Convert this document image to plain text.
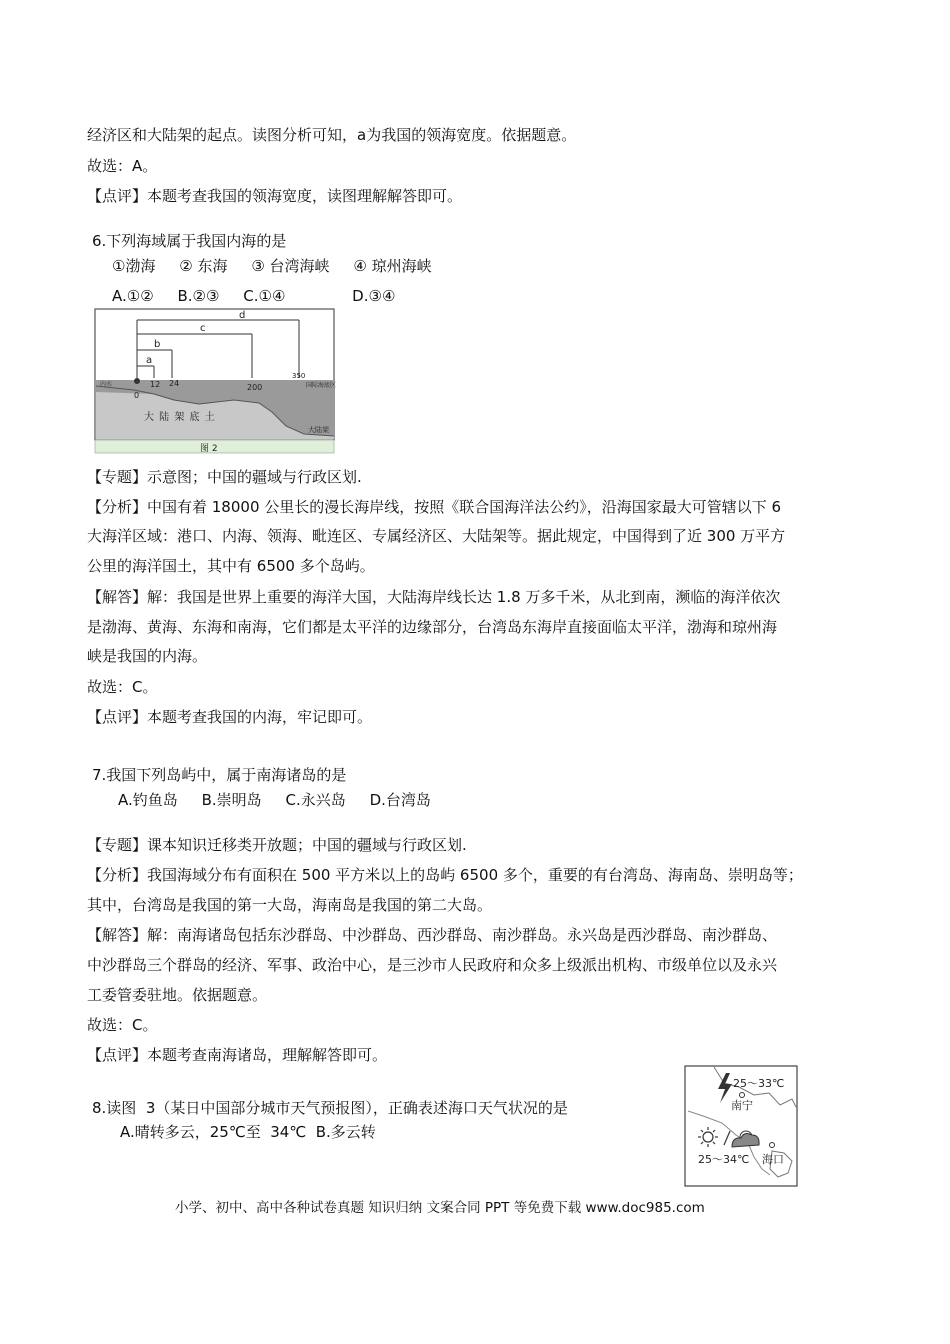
经济区和大陆架的起点。读图分析可知，a为我国的领海宽度。依据题意。
故选：A。
【点评】本题考查我国的领海宽度，读图理解解答即可。
6.下列海域属于我国内海的是
①渤海     ② 东海     ③ 台湾海峡     ④ 琼州海峡
A.①②     B.②③     C.①④              D.③④
a
b
c
d
0
12 24	200
350
内水	国际海底区
大 陆 架 底 土
大陆架
图 2
【专题】示意图；中国的疆域与行政区划.
【分析】中国有着 18000 公里长的漫长海岸线，按照《联合国海洋法公约》，沿海国家最大可管辖以下 6
大海洋区域：港口、内海、领海、毗连区、专属经济区、大陆架等。据此规定，中国得到了近 300 万平方
公里的海洋国土，其中有 6500 多个岛屿。
【解答】解：我国是世界上重要的海洋大国，大陆海岸线长达 1.8 万多千米，从北到南，濒临的海洋依次
是渤海、黄海、东海和南海，它们都是太平洋的边缘部分，台湾岛东海岸直接面临太平洋，渤海和琼州海
峡是我国的内海。
故选：C。
【点评】本题考查我国的内海，牢记即可。
7.我国下列岛屿中，属于南海诸岛的是
A.钓鱼岛     B.崇明岛     C.永兴岛     D.台湾岛
【专题】课本知识迁移类开放题；中国的疆域与行政区划.
【分析】我国海域分布有面积在 500 平方米以上的岛屿 6500 多个，重要的有台湾岛、海南岛、崇明岛等；
其中，台湾岛是我国的第一大岛，海南岛是我国的第二大岛。
【解答】解：南海诸岛包括东沙群岛、中沙群岛、西沙群岛、南沙群岛。永兴岛是西沙群岛、南沙群岛、
中沙群岛三个群岛的经济、军事、政治中心，是三沙市人民政府和众多上级派出机构、市级单位以及永兴
工委管委驻地。依据题意。
故选：C。
【点评】本题考查南海诸岛，理解解答即可。
8.读图  3（某日中国部分城市天气预报图），正确表述海口天气状况的是
A.晴转多云，25℃至  34℃  B.多云转
25～33℃
南宁
25～34℃ 海口
小学、初中、高中各种试卷真题 知识归纳 文案合同 PPT 等免费下载 www.doc985.com
